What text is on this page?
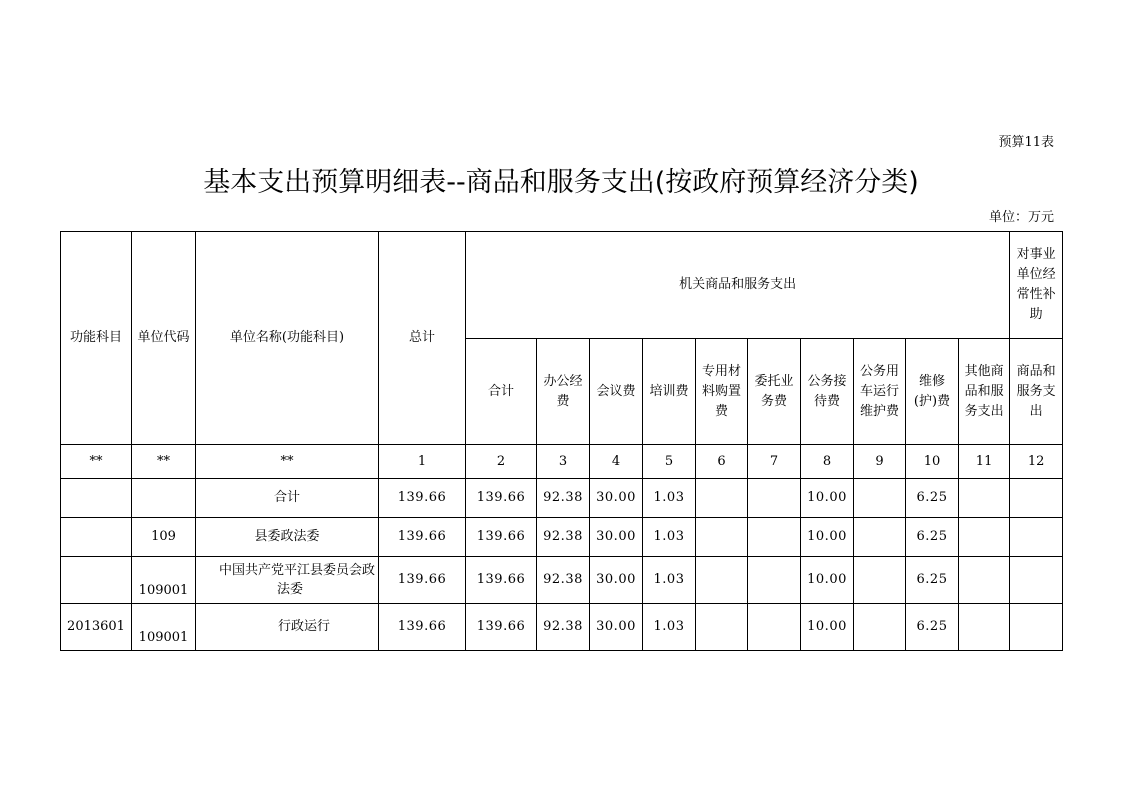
预算11表
基本支出预算明细表--商品和服务支出(按政府预算经济分类)
单位：万元
功能科目	单位代码	单位名称(功能科目)	总计	机关商品和服务支出										对事业单位经常性补助
				合计	办公经费	会议费	培训费	专用材料购置费	委托业务费	公务接待费	公务用车运行维护费	维修(护)费	其他商品和服务支出	商品和服务支出
**	**	**	1	2	3	4	5	6	7	8	9	10	11	12
		合计	139.66	139.66	92.38	30.00	1.03			10.00		6.25		
	109	县委政法委	139.66	139.66	92.38	30.00	1.03			10.00		6.25		
	109001	中国共产党平江县委员会政法委	139.66	139.66	92.38	30.00	1.03			10.00		6.25		
2013601	109001	行政运行	139.66	139.66	92.38	30.00	1.03			10.00		6.25		
